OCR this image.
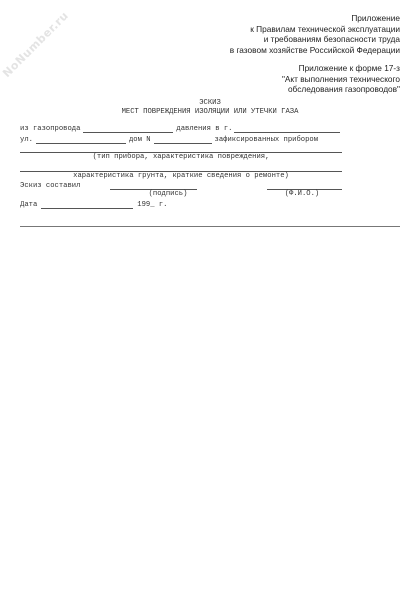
NoNumber.ru	Приложение
к Правилам технической эксплуатации
и требованиям безопасности труда
в газовом хозяйстве Российской Федерации
Приложение к форме 17-з
"Акт выполнения технического
обследования газопроводов"
ЭСКИЗ
МЕСТ ПОВРЕЖДЕНИЯ ИЗОЛЯЦИИ ИЛИ УТЕЧКИ ГАЗА
из газопровода	давления в г.
ул.	дом N	зафиксированных прибором
(тип прибора, характеристика повреждения,
характеристика грунта, краткие сведения о ремонте)
Эскиз составил
(подпись)	(Ф.И.О.)
Дата	199_ г.
